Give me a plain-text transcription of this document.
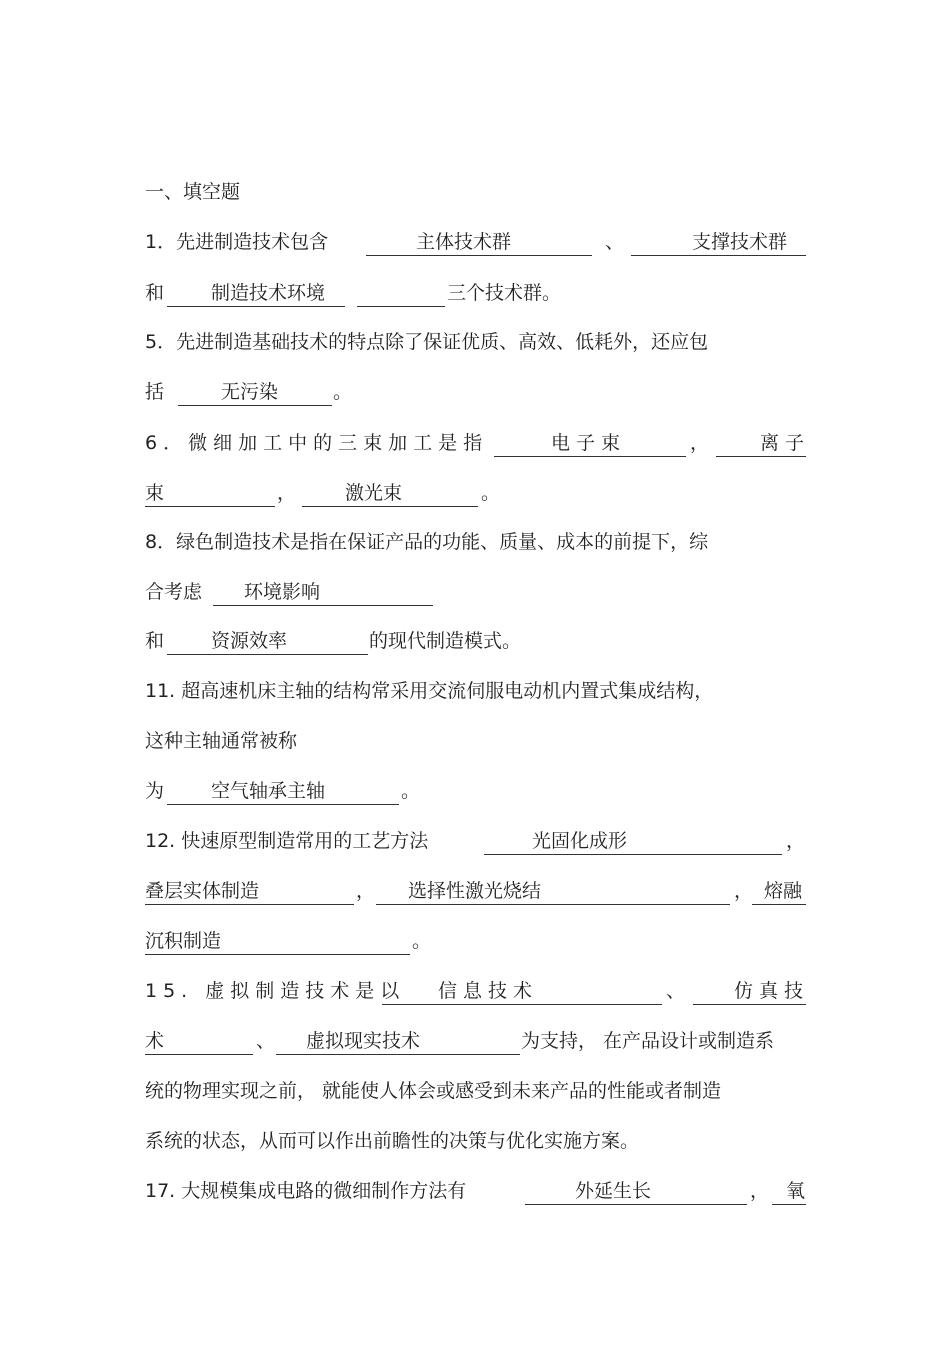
一、填空题
1．先进制造技术包含	主体技术群	、	支撑技术群
和 制造技术环境	三个技术群。
5．先进制造基础技术的特点除了保证优质、高效、低耗外，还应包
括	无污染	。
6．微细加工中的三束加工是指	电子束	，	离子
束	，	激光束	。
8．绿色制造技术是指在保证产品的功能、质量、成本的前提下，综
合考虑 环境影响
和 资源效率	的现代制造模式。
11. 超高速机床主轴的结构常采用交流伺服电动机内置式集成结构，
这种主轴通常被称
为 空气轴承主轴	。
12. 快速原型制造常用的工艺方法	光固化成形	，
叠层实体制造	， 选择性激光烧结	， 熔融
沉积制造	。
15. 虚拟制造技术是以 信息技术	、	仿真技
术	、 虚拟现实技术	为支持， 在产品设计或制造系
统的物理实现之前， 就能使人体会或感受到未来产品的性能或者制造
系统的状态，从而可以作出前瞻性的决策与优化实施方案。
17. 大规模集成电路的微细制作方法有	外延生长	， 氧
